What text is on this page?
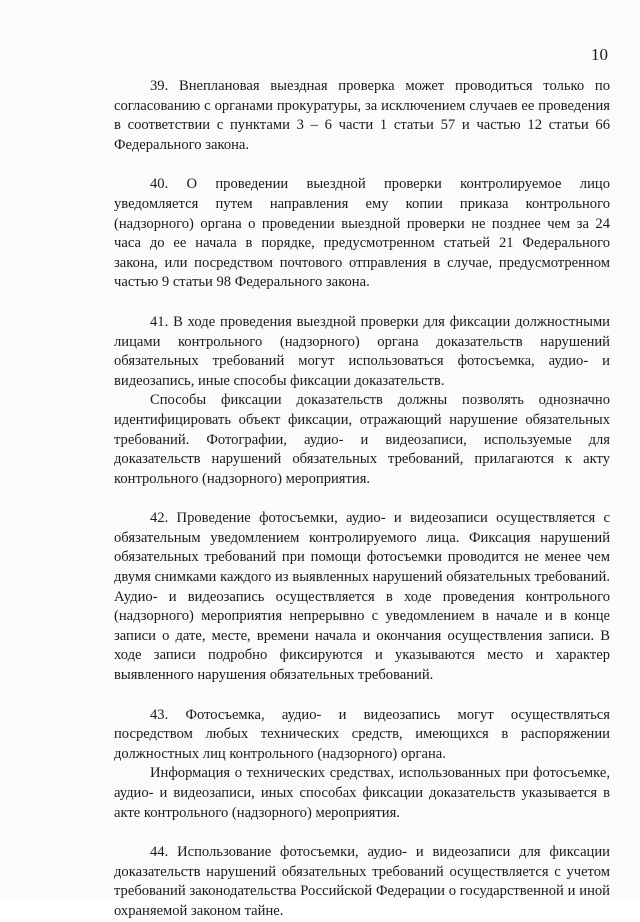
10

39. Внеплановая выездная проверка может проводиться только по согласованию с органами прокуратуры, за исключением случаев ее проведения в соответствии с пунктами 3 – 6 части 1 статьи 57 и частью 12 статьи 66 Федерального закона.

40. О проведении выездной проверки контролируемое лицо уведомляется путем направления ему копии приказа контрольного (надзорного) органа о проведении выездной проверки не позднее чем за 24 часа до ее начала в порядке, предусмотренном статьей 21 Федерального закона, или посредством почтового отправления в случае, предусмотренном частью 9 статьи 98 Федерального закона.

41. В ходе проведения выездной проверки для фиксации должностными лицами контрольного (надзорного) органа доказательств нарушений обязательных требований могут использоваться фотосъемка, аудио- и видеозапись, иные способы фиксации доказательств.

Способы фиксации доказательств должны позволять однозначно идентифицировать объект фиксации, отражающий нарушение обязательных требований. Фотографии, аудио- и видеозаписи, используемые для доказательств нарушений обязательных требований, прилагаются к акту контрольного (надзорного) мероприятия.

42. Проведение фотосъемки, аудио- и видеозаписи осуществляется с обязательным уведомлением контролируемого лица. Фиксация нарушений обязательных требований при помощи фотосъемки проводится не менее чем двумя снимками каждого из выявленных нарушений обязательных требований. Аудио- и видеозапись осуществляется в ходе проведения контрольного (надзорного) мероприятия непрерывно с уведомлением в начале и в конце записи о дате, месте, времени начала и окончания осуществления записи. В ходе записи подробно фиксируются и указываются место и характер выявленного нарушения обязательных требований.

43. Фотосъемка, аудио- и видеозапись могут осуществляться посредством любых технических средств, имеющихся в распоряжении должностных лиц контрольного (надзорного) органа.

Информация о технических средствах, использованных при фотосъемке, аудио- и видеозаписи, иных способах фиксации доказательств указывается в акте контрольного (надзорного) мероприятия.

44. Использование фотосъемки, аудио- и видеозаписи для фиксации доказательств нарушений обязательных требований осуществляется с учетом требований законодательства Российской Федерации о государственной и иной охраняемой законом тайне.
